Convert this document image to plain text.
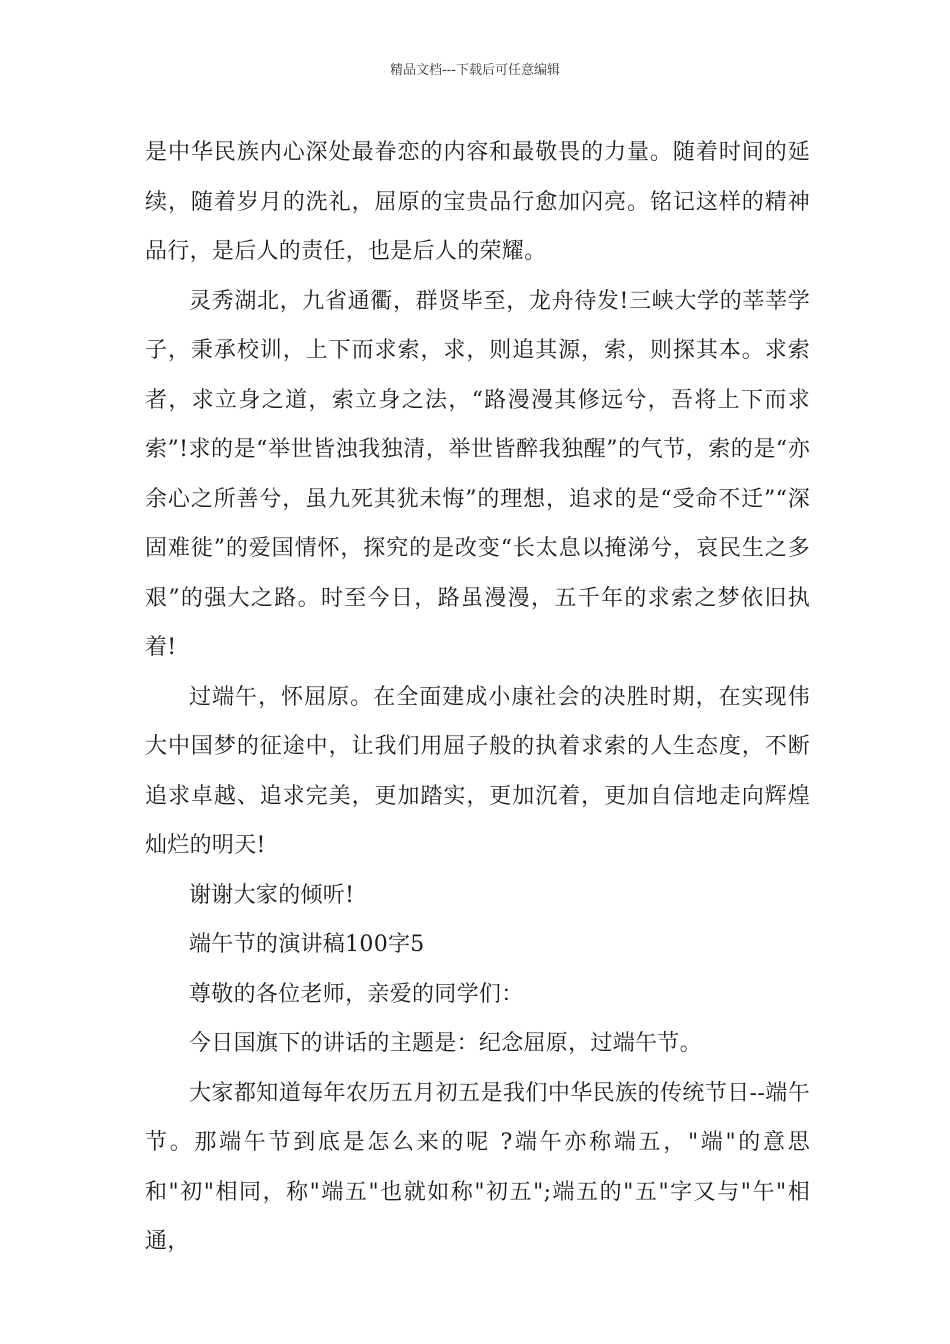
精品文档---下载后可任意编辑

是中华民族内心深处最眷恋的内容和最敬畏的力量。随着时间的延续，随着岁月的洗礼，屈原的宝贵品行愈加闪亮。铭记这样的精神品行，是后人的责任，也是后人的荣耀。

灵秀湖北，九省通衢，群贤毕至，龙舟待发!三峡大学的莘莘学子，秉承校训，上下而求索，求，则追其源，索，则探其本。求索者，求立身之道，索立身之法，“路漫漫其修远兮，吾将上下而求索”!求的是“举世皆浊我独清，举世皆醉我独醒”的气节，索的是“亦余心之所善兮，虽九死其犹未悔”的理想，追求的是“受命不迁”“深固难徙”的爱国情怀，探究的是改变“长太息以掩涕兮，哀民生之多艰”的强大之路。时至今日，路虽漫漫，五千年的求索之梦依旧执着!

过端午，怀屈原。在全面建成小康社会的决胜时期，在实现伟大中国梦的征途中，让我们用屈子般的执着求索的人生态度，不断追求卓越、追求完美，更加踏实，更加沉着，更加自信地走向辉煌灿烂的明天!

谢谢大家的倾听!

端午节的演讲稿100字5

尊敬的各位老师，亲爱的同学们：

今日国旗下的讲话的主题是：纪念屈原，过端午节。

大家都知道每年农历五月初五是我们中华民族的传统节日--端午节。那端午节到底是怎么来的呢 ?端午亦称端五，"端"的意思和"初"相同，称"端五"也就如称"初五";端五的"五"字又与"午"相通，
